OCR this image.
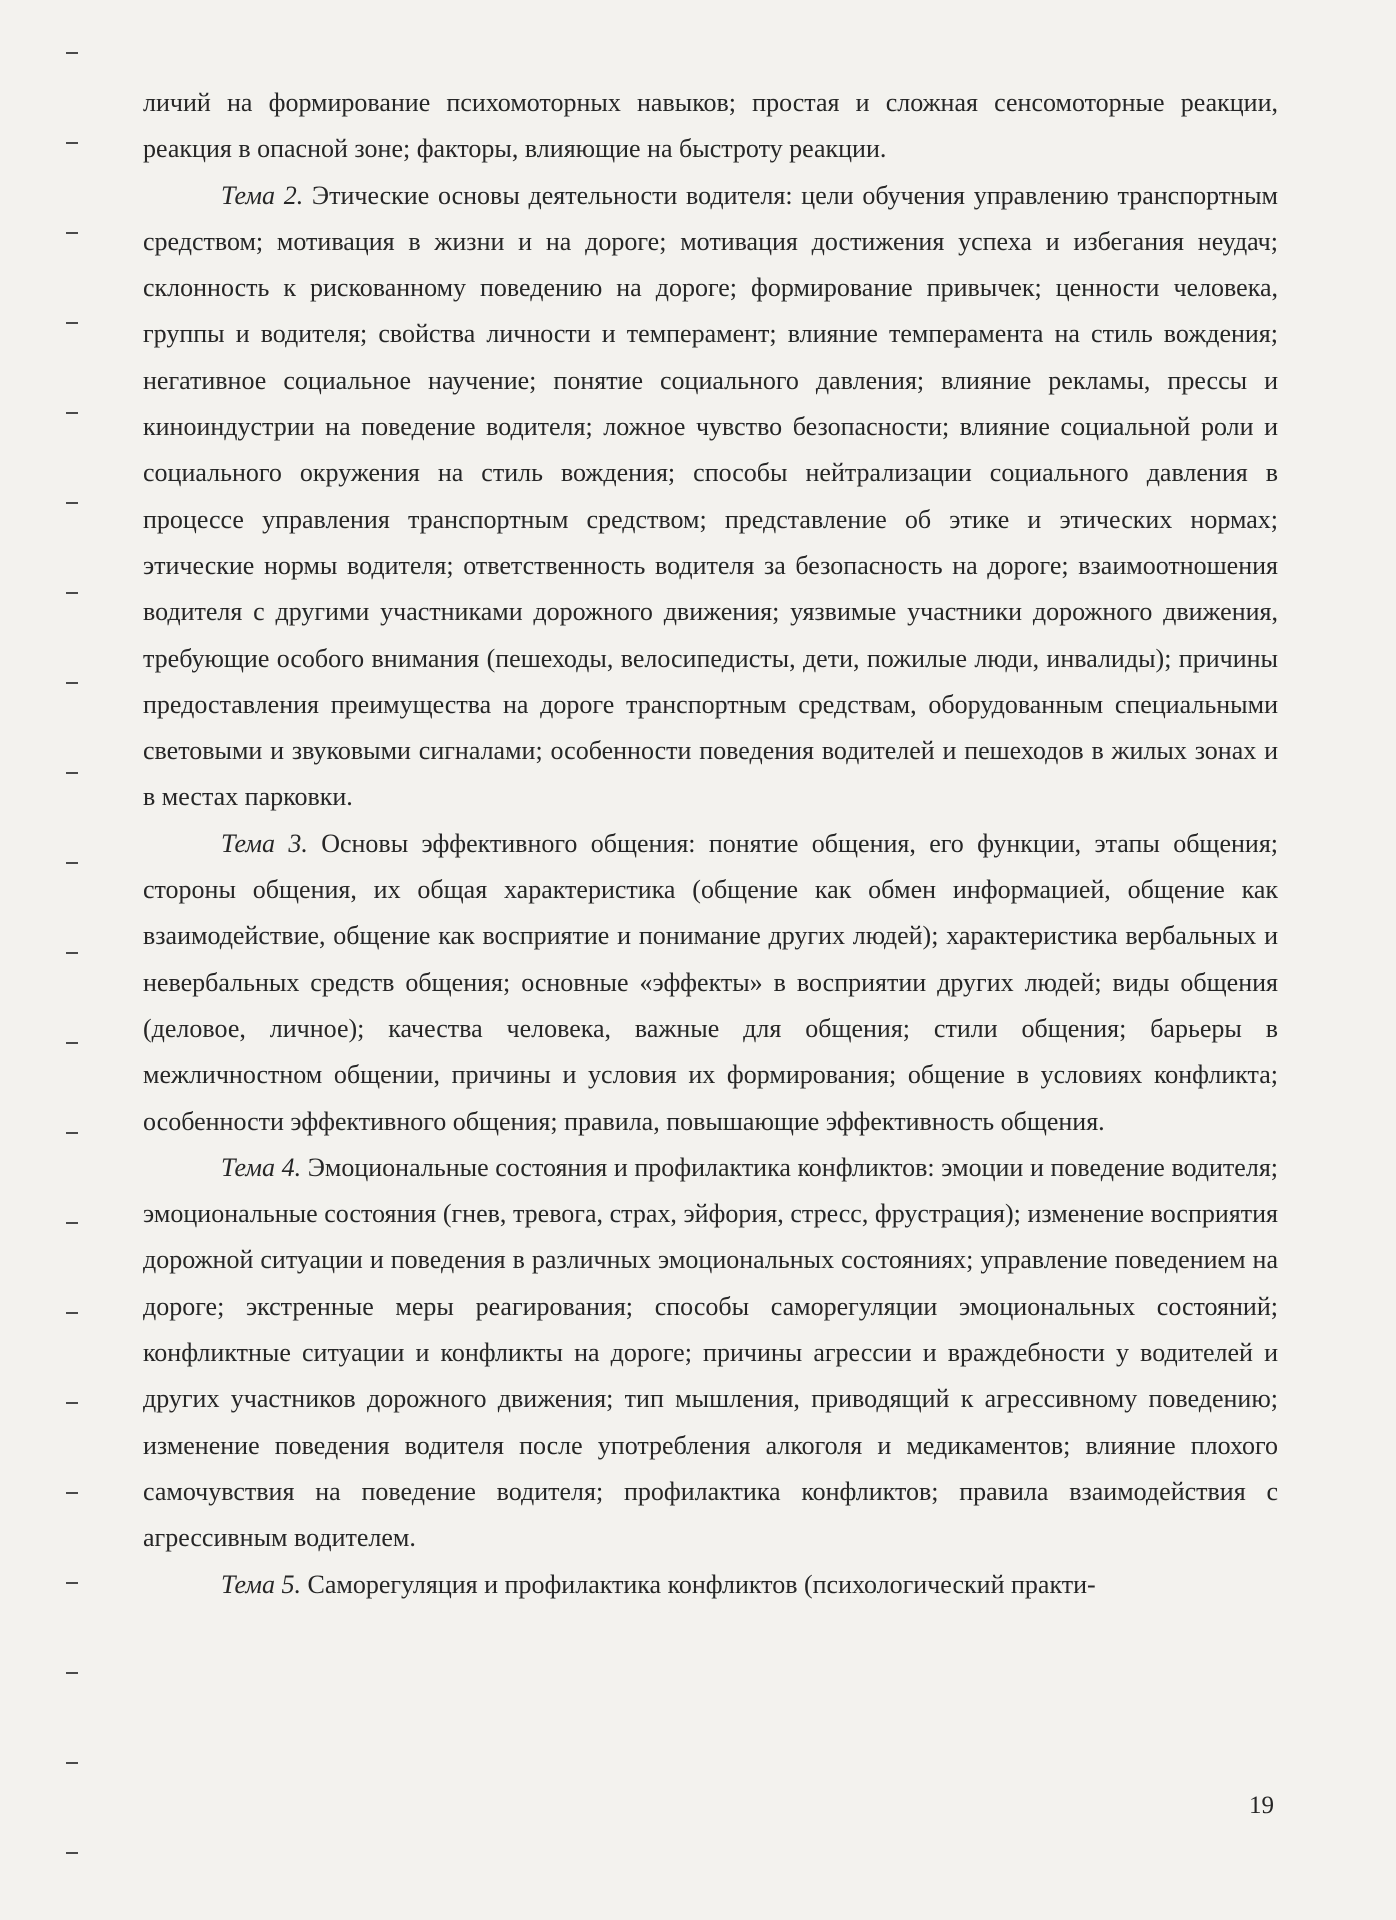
личий на формирование психомоторных навыков; простая и сложная сенсомоторные реакции, реакция в опасной зоне; факторы, влияющие на быстроту реакции.

Тема 2. Этические основы деятельности водителя: цели обучения управлению транспортным средством; мотивация в жизни и на дороге; мотивация достижения успеха и избегания неудач; склонность к рискованному поведению на дороге; формирование привычек; ценности человека, группы и водителя; свойства личности и темперамент; влияние темперамента на стиль вождения; негативное социальное научение; понятие социального давления; влияние рекламы, прессы и киноиндустрии на поведение водителя; ложное чувство безопасности; влияние социальной роли и социального окружения на стиль вождения; способы нейтрализации социального давления в процессе управления транспортным средством; представление об этике и этических нормах; этические нормы водителя; ответственность водителя за безопасность на дороге; взаимоотношения водителя с другими участниками дорожного движения; уязвимые участники дорожного движения, требующие особого внимания (пешеходы, велосипедисты, дети, пожилые люди, инвалиды); причины предоставления преимущества на дороге транспортным средствам, оборудованным специальными световыми и звуковыми сигналами; особенности поведения водителей и пешеходов в жилых зонах и в местах парковки.

Тема 3. Основы эффективного общения: понятие общения, его функции, этапы общения; стороны общения, их общая характеристика (общение как обмен информацией, общение как взаимодействие, общение как восприятие и понимание других людей); характеристика вербальных и невербальных средств общения; основные «эффекты» в восприятии других людей; виды общения (деловое, личное); качества человека, важные для общения; стили общения; барьеры в межличностном общении, причины и условия их формирования; общение в условиях конфликта; особенности эффективного общения; правила, повышающие эффективность общения.

Тема 4. Эмоциональные состояния и профилактика конфликтов: эмоции и поведение водителя; эмоциональные состояния (гнев, тревога, страх, эйфория, стресс, фрустрация); изменение восприятия дорожной ситуации и поведения в различных эмоциональных состояниях; управление поведением на дороге; экстренные меры реагирования; способы саморегуляции эмоциональных состояний; конфликтные ситуации и конфликты на дороге; причины агрессии и враждебности у водителей и других участников дорожного движения; тип мышления, приводящий к агрессивному поведению; изменение поведения водителя после употребления алкоголя и медикаментов; влияние плохого самочувствия на поведение водителя; профилактика конфликтов; правила взаимодействия с агрессивным водителем.

Тема 5. Саморегуляция и профилактика конфликтов (психологический практи-

19
